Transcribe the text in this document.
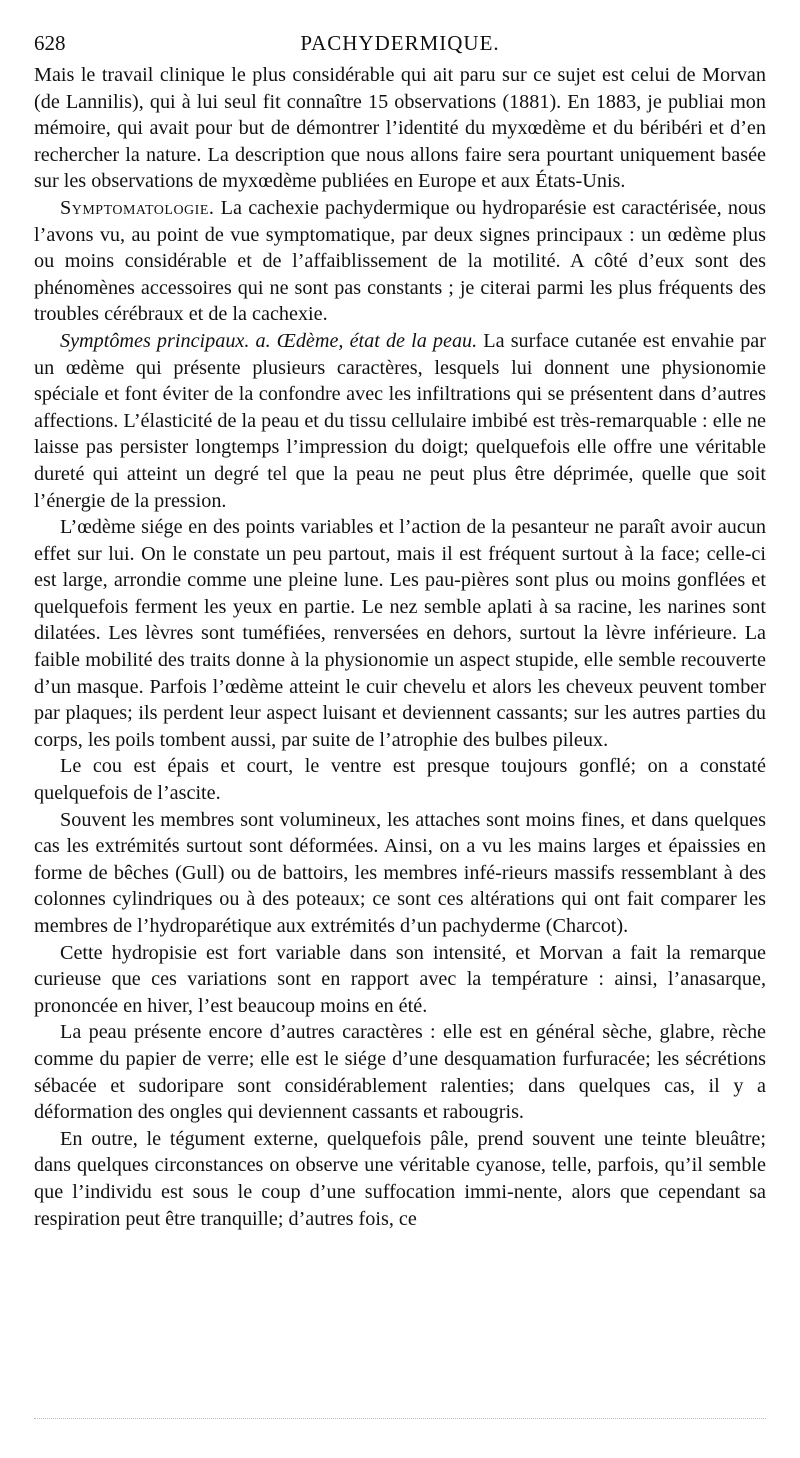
628	PACHYDERMIQUE.

Mais le travail clinique le plus considérable qui ait paru sur ce sujet est celui de Morvan (de Lannilis), qui à lui seul fit connaître 15 observations (1881). En 1883, je publiai mon mémoire, qui avait pour but de démontrer l’identité du myxœdème et du béribéri et d’en rechercher la nature. La description que nous allons faire sera pourtant uniquement basée sur les observations de myxœdème publiées en Europe et aux États-Unis.

Symptomatologie. La cachexie pachydermique ou hydroparésie est caractérisée, nous l’avons vu, au point de vue symptomatique, par deux signes principaux : un œdème plus ou moins considérable et de l’affaiblissement de la motilité. A côté d’eux sont des phénomènes accessoires qui ne sont pas constants ; je citerai parmi les plus fréquents des troubles cérébraux et de la cachexie.

Symptômes principaux. a. Œdème, état de la peau. La surface cutanée est envahie par un œdème qui présente plusieurs caractères, lesquels lui donnent une physionomie spéciale et font éviter de la confondre avec les infiltrations qui se présentent dans d’autres affections. L’élasticité de la peau et du tissu cellulaire imbibé est très-remarquable : elle ne laisse pas persister longtemps l’impression du doigt; quelquefois elle offre une véritable dureté qui atteint un degré tel que la peau ne peut plus être déprimée, quelle que soit l’énergie de la pression.

L’œdème siége en des points variables et l’action de la pesanteur ne paraît avoir aucun effet sur lui. On le constate un peu partout, mais il est fréquent surtout à la face; celle-ci est large, arrondie comme une pleine lune. Les pau-pières sont plus ou moins gonflées et quelquefois ferment les yeux en partie. Le nez semble aplati à sa racine, les narines sont dilatées. Les lèvres sont tuméfiées, renversées en dehors, surtout la lèvre inférieure. La faible mobilité des traits donne à la physionomie un aspect stupide, elle semble recouverte d’un masque. Parfois l’œdème atteint le cuir chevelu et alors les cheveux peuvent tomber par plaques; ils perdent leur aspect luisant et deviennent cassants; sur les autres parties du corps, les poils tombent aussi, par suite de l’atrophie des bulbes pileux.

Le cou est épais et court, le ventre est presque toujours gonflé; on a constaté quelquefois de l’ascite.

Souvent les membres sont volumineux, les attaches sont moins fines, et dans quelques cas les extrémités surtout sont déformées. Ainsi, on a vu les mains larges et épaissies en forme de bêches (Gull) ou de battoirs, les membres infé-rieurs massifs ressemblant à des colonnes cylindriques ou à des poteaux; ce sont ces altérations qui ont fait comparer les membres de l’hydroparétique aux extrémités d’un pachyderme (Charcot).

Cette hydropisie est fort variable dans son intensité, et Morvan a fait la remarque curieuse que ces variations sont en rapport avec la température : ainsi, l’anasarque, prononcée en hiver, l’est beaucoup moins en été.

La peau présente encore d’autres caractères : elle est en général sèche, glabre, rèche comme du papier de verre; elle est le siége d’une desquamation furfuracée; les sécrétions sébacée et sudoripare sont considérablement ralenties; dans quelques cas, il y a déformation des ongles qui deviennent cassants et rabougris.

En outre, le tégument externe, quelquefois pâle, prend souvent une teinte bleuâtre; dans quelques circonstances on observe une véritable cyanose, telle, parfois, qu’il semble que l’individu est sous le coup d’une suffocation immi-nente, alors que cependant sa respiration peut être tranquille; d’autres fois, ce
